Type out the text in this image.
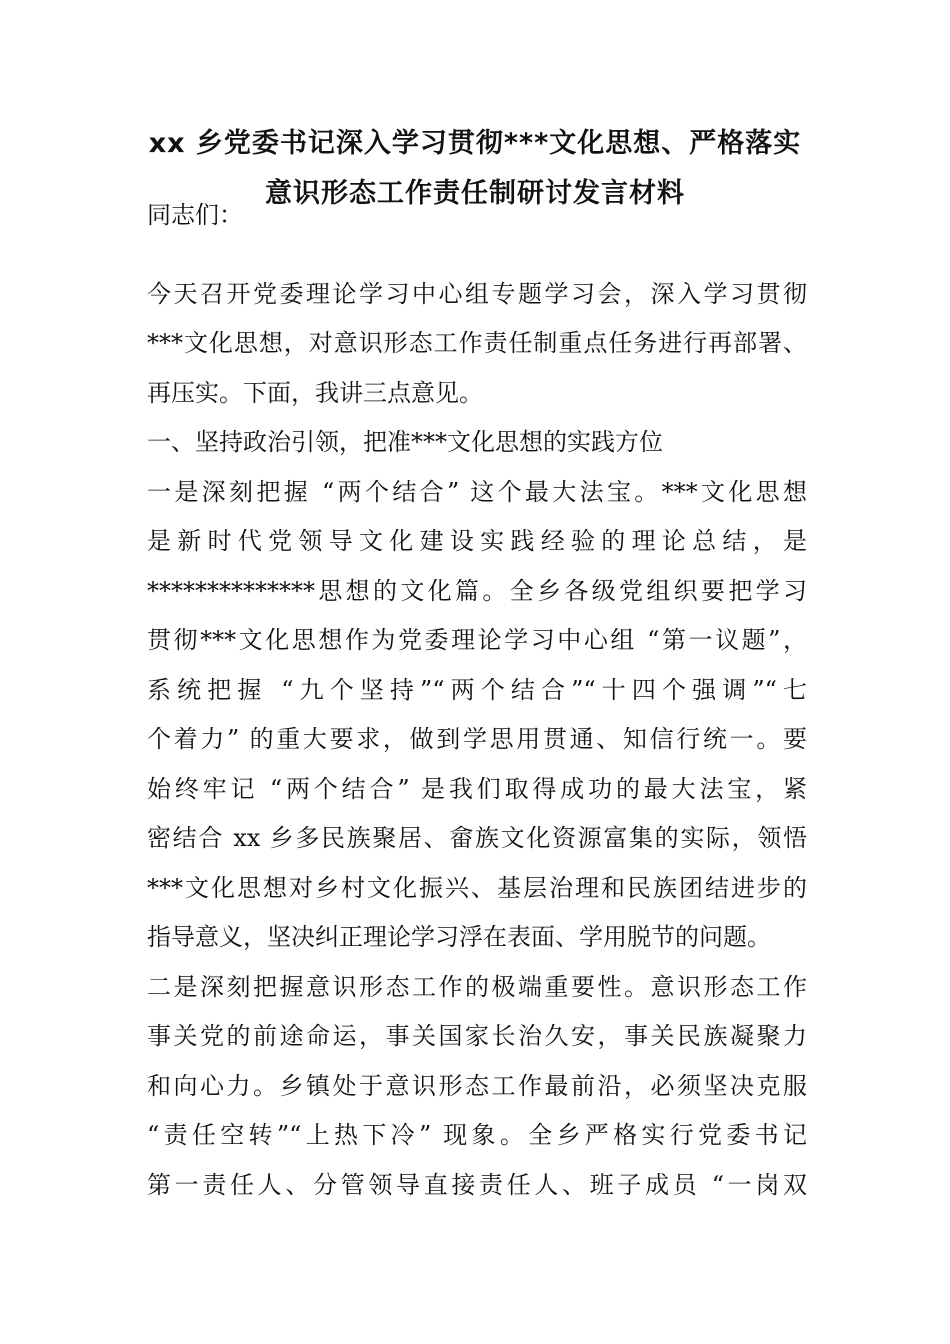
xx 乡党委书记深入学习贯彻***文化思想、严格落实
意识形态工作责任制研讨发言材料
同志们：
今天召开党委理论学习中心组专题学习会，深入学习贯彻
***文化思想，对意识形态工作责任制重点任务进行再部署、
再压实。下面，我讲三点意见。
一、坚持政治引领，把准***文化思想的实践方位
一是深刻把握 “两个结合” 这个最大法宝。***文化思想
是新时代党领导文化建设实践经验的理论总结，是
**************思想的文化篇。全乡各级党组织要把学习
贯彻***文化思想作为党委理论学习中心组 “第一议题”，
系统把握 “九个坚持”“两个结合”“十四个强调”“七
个着力” 的重大要求，做到学思用贯通、知信行统一。要
始终牢记 “两个结合” 是我们取得成功的最大法宝，紧
密结合 xx 乡多民族聚居、畲族文化资源富集的实际，领悟
***文化思想对乡村文化振兴、基层治理和民族团结进步的
指导意义，坚决纠正理论学习浮在表面、学用脱节的问题。
二是深刻把握意识形态工作的极端重要性。意识形态工作
事关党的前途命运，事关国家长治久安，事关民族凝聚力
和向心力。乡镇处于意识形态工作最前沿，必须坚决克服
“责任空转”“上热下冷” 现象。全乡严格实行党委书记
第一责任人、分管领导直接责任人、班子成员 “一岗双
